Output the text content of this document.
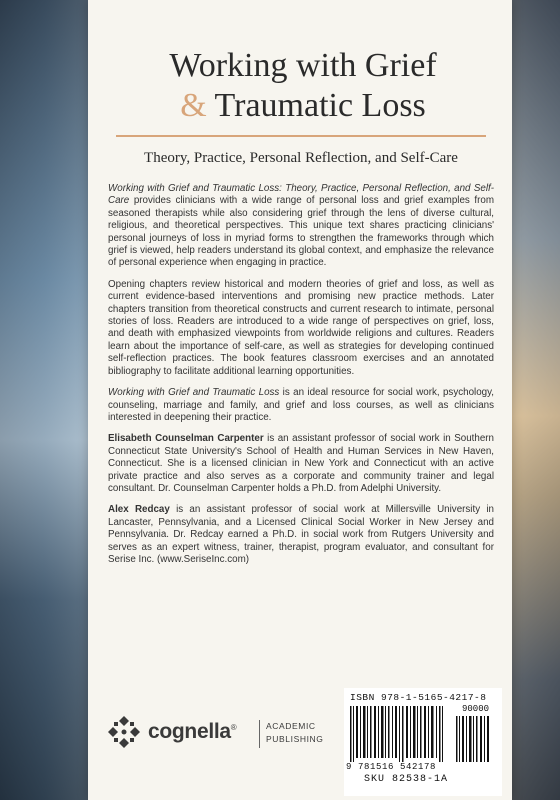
Working with Grief
& Traumatic Loss
Theory, Practice, Personal Reflection, and Self-Care

Working with Grief and Traumatic Loss: Theory, Practice, Personal Reflection, and Self-Care provides clinicians with a wide range of personal loss and grief examples from seasoned therapists while also considering grief through the lens of diverse cultural, religious, and theoretical perspectives. This unique text shares practicing clinicians' personal journeys of loss in myriad forms to strengthen the frameworks through which grief is viewed, help readers understand its global context, and emphasize the relevance of personal experience when engaging in practice.

Opening chapters review historical and modern theories of grief and loss, as well as current evidence-based interventions and promising new practice methods. Later chapters transition from theoretical constructs and current research to intimate, personal stories of loss. Readers are introduced to a wide range of perspectives on grief, loss, and death with emphasized viewpoints from worldwide religions and cultures. Readers learn about the importance of self-care, as well as strategies for developing continued self-reflection practices. The book features classroom exercises and an annotated bibliography to facilitate additional learning opportunities.

Working with Grief and Traumatic Loss is an ideal resource for social work, psychology, counseling, marriage and family, and grief and loss courses, as well as clinicians interested in deepening their practice.

Elisabeth Counselman Carpenter is an assistant professor of social work in Southern Connecticut State University's School of Health and Human Services in New Haven, Connecticut. She is a licensed clinician in New York and Connecticut with an active private practice and also serves as a corporate and community trainer and legal consultant. Dr. Counselman Carpenter holds a Ph.D. from Adelphi University.

Alex Redcay is an assistant professor of social work at Millersville University in Lancaster, Pennsylvania, and a Licensed Clinical Social Worker in New Jersey and Pennsylvania. Dr. Redcay earned a Ph.D. in social work from Rutgers University and serves as an expert witness, trainer, therapist, program evaluator, and consultant for Serise Inc. (www.SeriseInc.com)

cognella®	ACADEMIC
PUBLISHING
ISBN 978-1-5165-4217-8
90000
9 781516 542178
SKU 82538-1A
